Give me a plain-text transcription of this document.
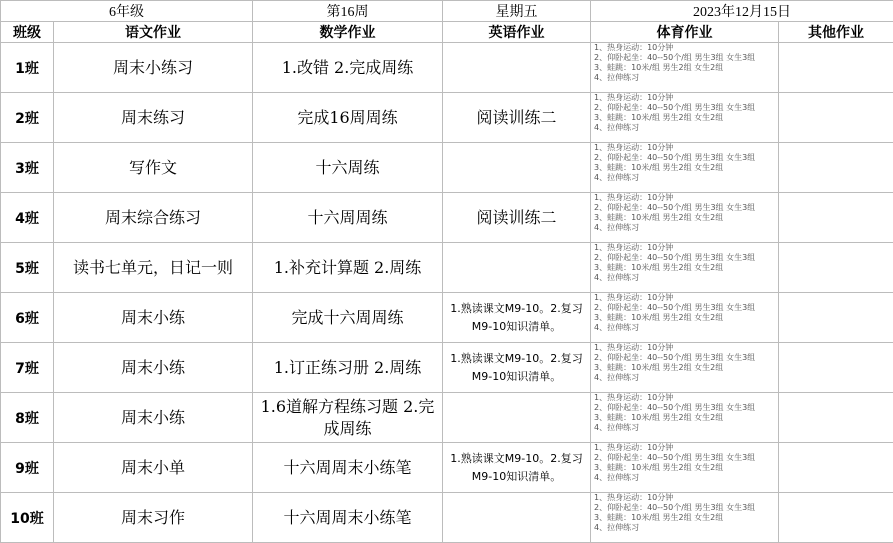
6年级		第16周	星期五	2023年12月15日	
班级	语文作业	数学作业	英语作业	体育作业	其他作业
1班	周末小练习	1.改错 2.完成周练		1、热身运动：10分钟
2、仰卧起坐：40--50个/组 男生3组 女生3组
3、蛙跳：10米/组 男生2组 女生2组
4、拉伸练习	

2班	周末练习	完成16周周练	阅读训练二	1、热身运动：10分钟
2、仰卧起坐：40--50个/组 男生3组 女生3组
3、蛙跳：10米/组 男生2组 女生2组
4、拉伸练习	

3班	写作文	十六周练		1、热身运动：10分钟
2、仰卧起坐：40--50个/组 男生3组 女生3组
3、蛙跳：10米/组 男生2组 女生2组
4、拉伸练习	

4班	周末综合练习	十六周周练	阅读训练二	1、热身运动：10分钟
2、仰卧起坐：40--50个/组 男生3组 女生3组
3、蛙跳：10米/组 男生2组 女生2组
4、拉伸练习	

5班	读书七单元，日记一则	1.补充计算题 2.周练		1、热身运动：10分钟
2、仰卧起坐：40--50个/组 男生3组 女生3组
3、蛙跳：10米/组 男生2组 女生2组
4、拉伸练习	

6班	周末小练	完成十六周周练	1.熟读课文M9-10。2.复习M9-10知识清单。	1、热身运动：10分钟
2、仰卧起坐：40--50个/组 男生3组 女生3组
3、蛙跳：10米/组 男生2组 女生2组
4、拉伸练习	

7班	周末小练	1.订正练习册 2.周练	1.熟读课文M9-10。2.复习M9-10知识清单。	1、热身运动：10分钟
2、仰卧起坐：40--50个/组 男生3组 女生3组
3、蛙跳：10米/组 男生2组 女生2组
4、拉伸练习	

8班	周末小练	1.6道解方程练习题 2.完成周练		1、热身运动：10分钟
2、仰卧起坐：40--50个/组 男生3组 女生3组
3、蛙跳：10米/组 男生2组 女生2组
4、拉伸练习	

9班	周末小单	十六周周末小练笔	1.熟读课文M9-10。2.复习M9-10知识清单。	1、热身运动：10分钟
2、仰卧起坐：40--50个/组 男生3组 女生3组
3、蛙跳：10米/组 男生2组 女生2组
4、拉伸练习	

10班	周末习作	十六周周末小练笔		1、热身运动：10分钟
2、仰卧起坐：40--50个/组 男生3组 女生3组
3、蛙跳：10米/组 男生2组 女生2组
4、拉伸练习	
